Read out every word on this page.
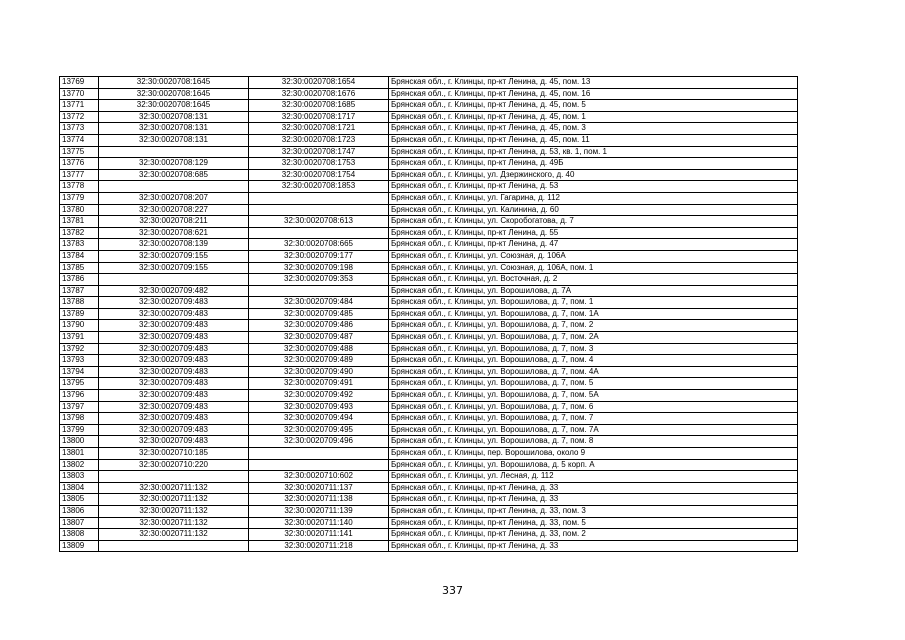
13769	32:30:0020708:1645	32:30:0020708:1654	Брянская обл., г. Клинцы, пр-кт Ленина, д. 45, пом. 13
13770	32:30:0020708:1645	32:30:0020708:1676	Брянская обл., г. Клинцы, пр-кт Ленина, д. 45, пом. 16
13771	32:30:0020708:1645	32:30:0020708:1685	Брянская обл., г. Клинцы, пр-кт Ленина, д. 45, пом. 5
13772	32:30:0020708:131	32:30:0020708:1717	Брянская обл., г. Клинцы, пр-кт Ленина, д. 45, пом. 1
13773	32:30:0020708:131	32:30:0020708:1721	Брянская обл., г. Клинцы, пр-кт Ленина, д. 45, пом. 3
13774	32:30:0020708:131	32:30:0020708:1723	Брянская обл., г. Клинцы, пр-кт Ленина, д. 45, пом. 11
13775		32:30:0020708:1747	Брянская обл., г. Клинцы, пр-кт Ленина, д. 53, кв. 1, пом. 1
13776	32:30:0020708:129	32:30:0020708:1753	Брянская обл., г. Клинцы, пр-кт Ленина, д. 49Б
13777	32:30:0020708:685	32:30:0020708:1754	Брянская обл., г. Клинцы, ул. Дзержинского, д. 40
13778		32:30:0020708:1853	Брянская обл., г. Клинцы, пр-кт Ленина, д. 53
13779	32:30:0020708:207		Брянская обл., г. Клинцы, ул. Гагарина, д. 112
13780	32:30:0020708:227		Брянская обл., г. Клинцы, ул. Калинина, д. 60
13781	32:30:0020708:211	32:30:0020708:613	Брянская обл., г. Клинцы, ул. Скоробогатова, д. 7
13782	32:30:0020708:621		Брянская обл., г. Клинцы, пр-кт Ленина, д. 55
13783	32:30:0020708:139	32:30:0020708:665	Брянская обл., г. Клинцы, пр-кт Ленина, д. 47
13784	32:30:0020709:155	32:30:0020709:177	Брянская обл., г. Клинцы, ул. Союзная, д. 106А
13785	32:30:0020709:155	32:30:0020709:198	Брянская обл., г. Клинцы, ул. Союзная, д. 106А, пом. 1
13786		32:30:0020709:353	Брянская обл., г. Клинцы, ул. Восточная, д. 2
13787	32:30:0020709:482		Брянская обл., г. Клинцы, ул. Ворошилова, д. 7А
13788	32:30:0020709:483	32:30:0020709:484	Брянская обл., г. Клинцы, ул. Ворошилова, д. 7, пом. 1
13789	32:30:0020709:483	32:30:0020709:485	Брянская обл., г. Клинцы, ул. Ворошилова, д. 7, пом. 1А
13790	32:30:0020709:483	32:30:0020709:486	Брянская обл., г. Клинцы, ул. Ворошилова, д. 7, пом. 2
13791	32:30:0020709:483	32:30:0020709:487	Брянская обл., г. Клинцы, ул. Ворошилова, д. 7, пом. 2А
13792	32:30:0020709:483	32:30:0020709:488	Брянская обл., г. Клинцы, ул. Ворошилова, д. 7, пом. 3
13793	32:30:0020709:483	32:30:0020709:489	Брянская обл., г. Клинцы, ул. Ворошилова, д. 7, пом. 4
13794	32:30:0020709:483	32:30:0020709:490	Брянская обл., г. Клинцы, ул. Ворошилова, д. 7, пом. 4А
13795	32:30:0020709:483	32:30:0020709:491	Брянская обл., г. Клинцы, ул. Ворошилова, д. 7, пом. 5
13796	32:30:0020709:483	32:30:0020709:492	Брянская обл., г. Клинцы, ул. Ворошилова, д. 7, пом. 5А
13797	32:30:0020709:483	32:30:0020709:493	Брянская обл., г. Клинцы, ул. Ворошилова, д. 7, пом. 6
13798	32:30:0020709:483	32:30:0020709:494	Брянская обл., г. Клинцы, ул. Ворошилова, д. 7, пом. 7
13799	32:30:0020709:483	32:30:0020709:495	Брянская обл., г. Клинцы, ул. Ворошилова, д. 7, пом. 7А
13800	32:30:0020709:483	32:30:0020709:496	Брянская обл., г. Клинцы, ул. Ворошилова, д. 7, пом. 8
13801	32:30:0020710:185		Брянская обл., г. Клинцы, пер. Ворошилова, около 9
13802	32:30:0020710:220		Брянская обл., г. Клинцы, ул. Ворошилова, д. 5 корп. А
13803		32:30:0020710:602	Брянская обл., г. Клинцы, ул. Лесная, д. 112
13804	32:30:0020711:132	32:30:0020711:137	Брянская обл., г. Клинцы, пр-кт Ленина, д. 33
13805	32:30:0020711:132	32:30:0020711:138	Брянская обл., г. Клинцы, пр-кт Ленина, д. 33
13806	32:30:0020711:132	32:30:0020711:139	Брянская обл., г. Клинцы, пр-кт Ленина, д. 33, пом. 3
13807	32:30:0020711:132	32:30:0020711:140	Брянская обл., г. Клинцы, пр-кт Ленина, д. 33, пом. 5
13808	32:30:0020711:132	32:30:0020711:141	Брянская обл., г. Клинцы, пр-кт Ленина, д. 33, пом. 2
13809		32:30:0020711:218	Брянская обл., г. Клинцы, пр-кт Ленина, д. 33
337
